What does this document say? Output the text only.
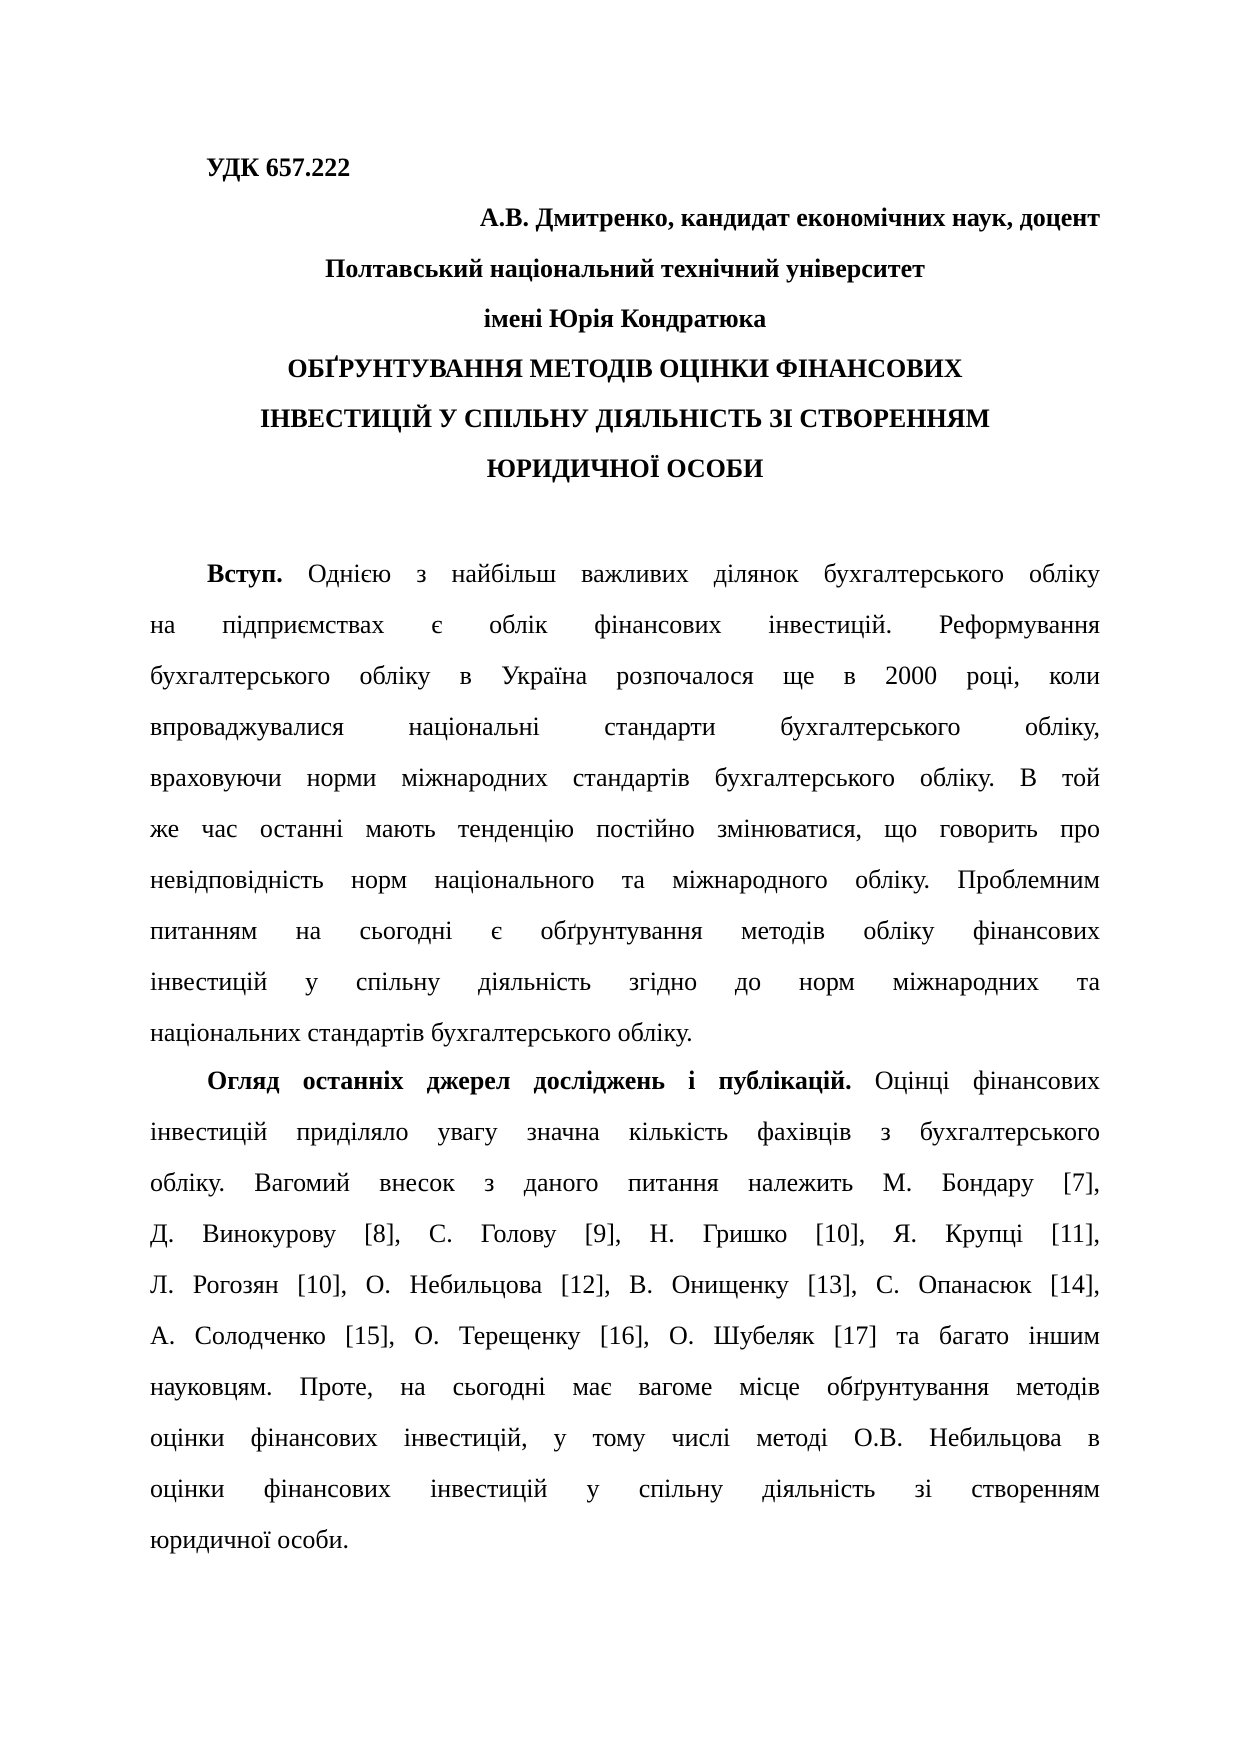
УДК 657.222
А.В. Дмитренко, кандидат економічних наук, доцент
Полтавський національний технічний університет
імені Юрія Кондратюка
ОБҐРУНТУВАННЯ МЕТОДІВ ОЦІНКИ ФІНАНСОВИХ
ІНВЕСТИЦІЙ У СПІЛЬНУ ДІЯЛЬНІСТЬ ЗІ СТВОРЕННЯМ
ЮРИДИЧНОЇ ОСОБИ
Вступ. Однією з найбільш важливих ділянок бухгалтерського обліку
на підприємствах є облік фінансових інвестицій. Реформування
бухгалтерського обліку в Україна розпочалося ще в 2000 році, коли
впроваджувалися національні стандарти бухгалтерського обліку,
враховуючи норми міжнародних стандартів бухгалтерського обліку. В той
же час останні мають тенденцію постійно змінюватися, що говорить про
невідповідність норм національного та міжнародного обліку. Проблемним
питанням на сьогодні є обґрунтування методів обліку фінансових
інвестицій у спільну діяльність згідно до норм міжнародних та
національних стандартів бухгалтерського обліку.
Огляд останніх джерел досліджень і публікацій. Оцінці фінансових
інвестицій приділяло увагу значна кількість фахівців з бухгалтерського
обліку. Вагомий внесок з даного питання належить М. Бондару [7],
Д. Винокурову [8], С. Голову [9], Н. Гришко [10], Я. Крупці [11],
Л. Рогозян [10], О. Небильцова [12], В. Онищенку [13], С. Опанасюк [14],
А. Солодченко [15], О. Терещенку [16], О. Шубеляк [17] та багато іншим
науковцям. Проте, на сьогодні має вагоме місце обґрунтування методів
оцінки фінансових інвестицій, у тому числі методі О.В. Небильцова в
оцінки фінансових інвестицій у спільну діяльність зі створенням
юридичної особи.
